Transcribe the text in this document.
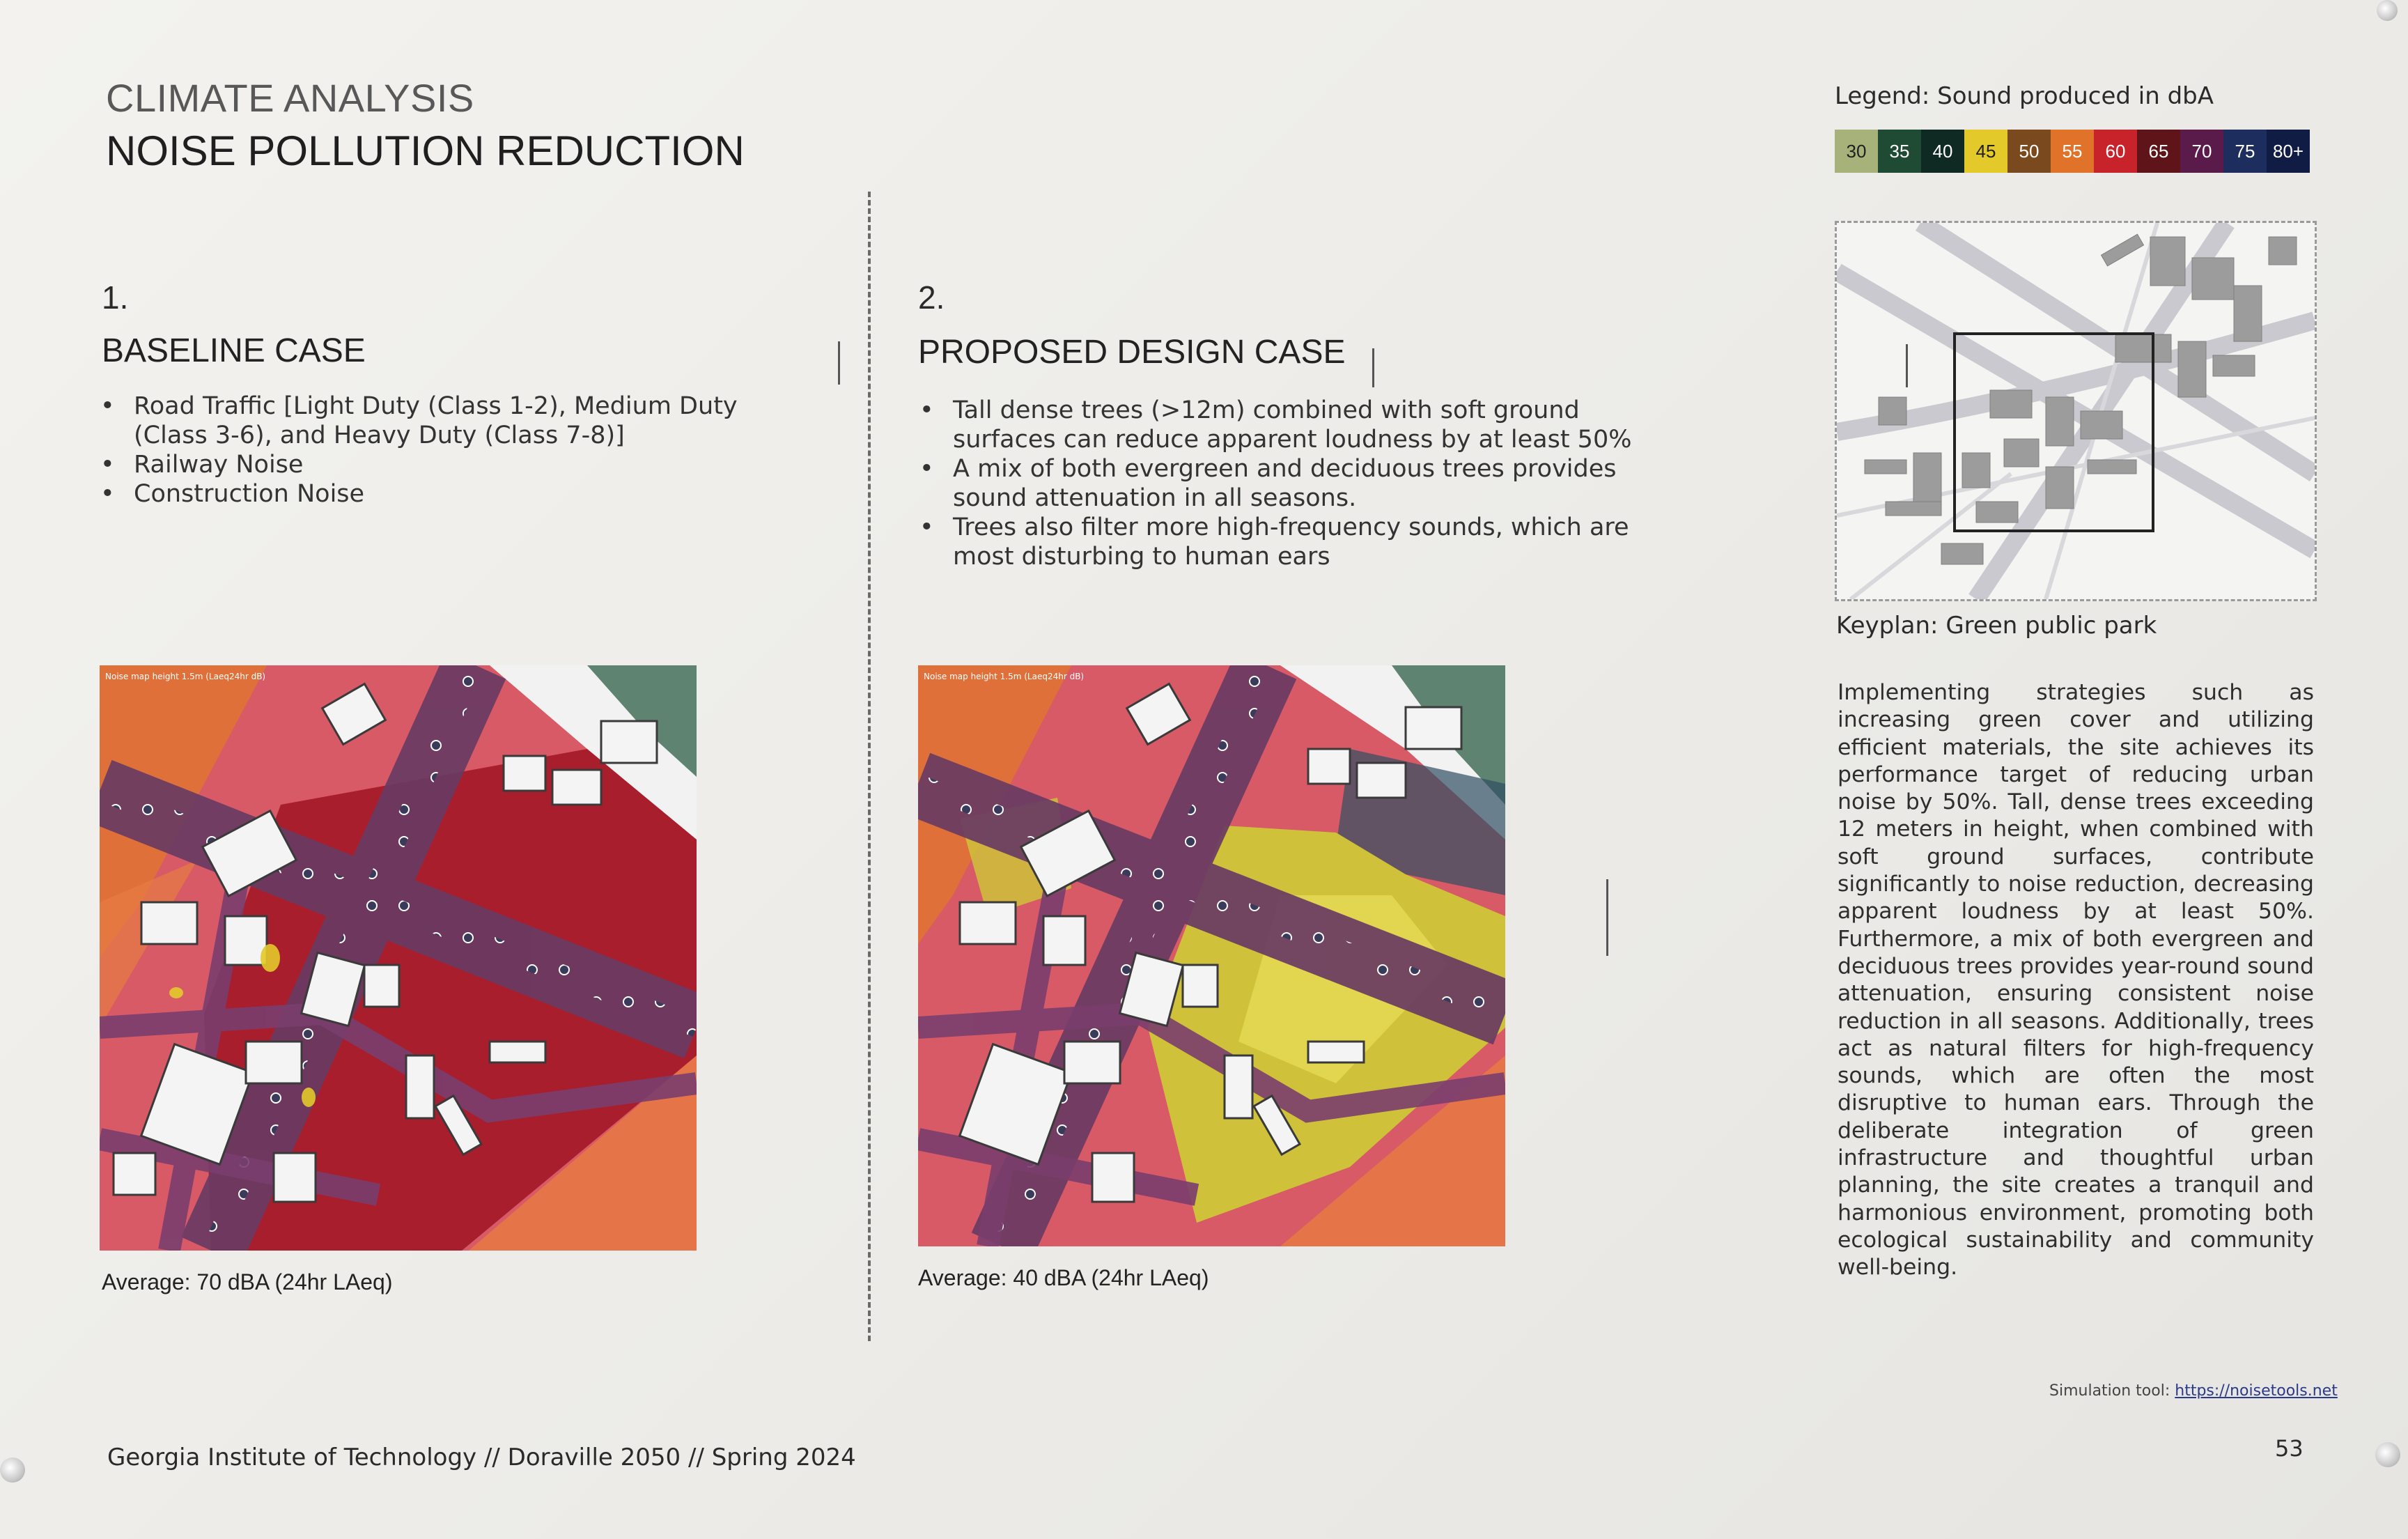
CLIMATE ANALYSIS
NOISE POLLUTION REDUCTION
1.
BASELINE CASE
• Road Traffic [Light Duty (Class 1-2), Medium Duty (Class 3-6), and Heavy Duty (Class 7-8)]
• Railway Noise
• Construction Noise
Noise map height 1.5m (Laeq24hr dB)
Average: 70 dBA (24hr LAeq)
2.
PROPOSED DESIGN CASE
• Tall dense trees (>12m) combined with soft ground surfaces can reduce apparent loudness by at least 50%
• A mix of both evergreen and deciduous trees provides sound attenuation in all seasons.
• Trees also filter more high-frequency sounds, which are most disturbing to human ears
Noise map height 1.5m (Laeq24hr dB)
Average: 40 dBA (24hr LAeq)
Legend: Sound produced in dbA
30	35	40	45	50	55	60	65	70	75 80+
Keyplan: Green public park
Implementing strategies such as increasing green cover and utilizing efficient materials, the site achieves its performance target of reducing urban noise by 50%. Tall, dense trees exceeding 12 meters in height, when combined with soft ground surfaces, contribute significantly to noise reduction, decreasing apparent loudness by at least 50%. Furthermore, a mix of both evergreen and deciduous trees provides year-round sound attenuation, ensuring consistent noise reduction in all seasons. Additionally, trees act as natural filters for high-frequency sounds, which are often the most disruptive to human ears. Through the deliberate integration of green infrastructure and thoughtful urban planning, the site creates a tranquil and harmonious environment, promoting both ecological sustainability and community well-being.
Simulation tool: https://noisetools.net
Georgia Institute of Technology // Doraville 2050 // Spring 2024	53
